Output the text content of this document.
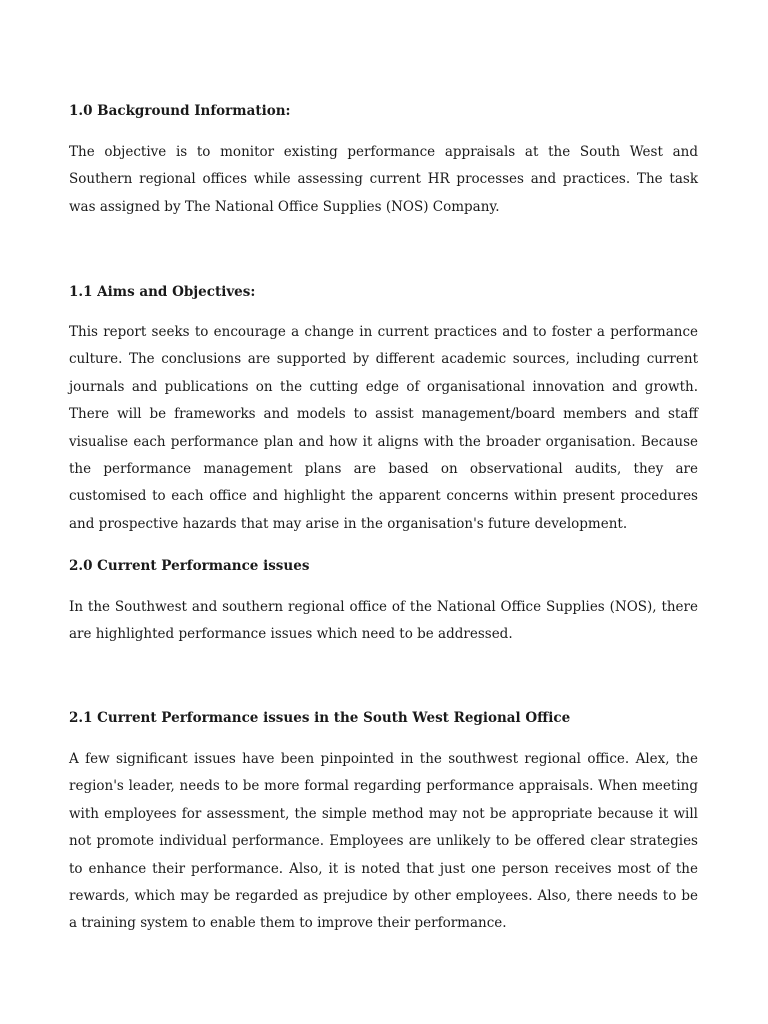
1.0 Background Information:

The objective is to monitor existing performance appraisals at the South West and Southern regional offices while assessing current HR processes and practices. The task was assigned by The National Office Supplies (NOS) Company.

1.1 Aims and Objectives:

This report seeks to encourage a change in current practices and to foster a performance culture. The conclusions are supported by different academic sources, including current journals and publications on the cutting edge of organisational innovation and growth. There will be frameworks and models to assist management/board members and staff visualise each performance plan and how it aligns with the broader organisation. Because the performance management plans are based on observational audits, they are customised to each office and highlight the apparent concerns within present procedures and prospective hazards that may arise in the organisation's future development.

2.0 Current Performance issues

In the Southwest and southern regional office of the National Office Supplies (NOS), there are highlighted performance issues which need to be addressed.

2.1 Current Performance issues in the South West Regional Office

A few significant issues have been pinpointed in the southwest regional office. Alex, the region's leader, needs to be more formal regarding performance appraisals. When meeting with employees for assessment, the simple method may not be appropriate because it will not promote individual performance. Employees are unlikely to be offered clear strategies to enhance their performance. Also, it is noted that just one person receives most of the rewards, which may be regarded as prejudice by other employees. Also, there needs to be a training system to enable them to improve their performance.
